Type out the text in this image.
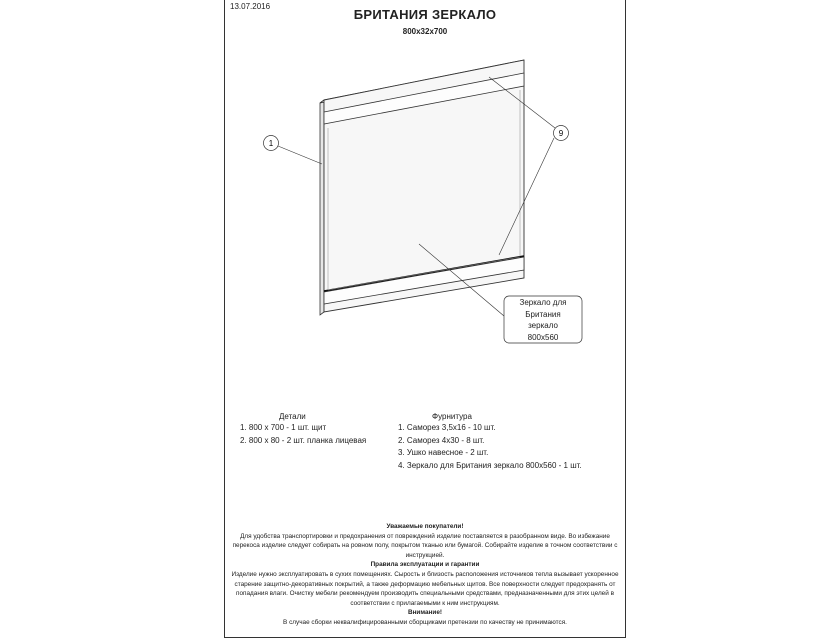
13.07.2016
БРИТАНИЯ ЗЕРКАЛО
800x32x700
1
9
Зеркало для
Британия
зеркало
800x560
Детали
1. 800 х 700 - 1 шт. щит
2. 800 х 80 - 2 шт. планка лицевая
Фурнитура
1. Саморез 3,5х16 - 10 шт.
2. Саморез 4х30 - 8 шт.
3. Ушко навесное - 2 шт.
4. Зеркало для Британия зеркало 800х560 - 1 шт.
Уважаемые покупатели!
Для удобства транспортировки и предохранения от повреждений изделие поставляется в разобранном виде. Во избежание перекоса изделие следует собирать на ровном полу, покрытом тканью или бумагой. Собирайте изделие в точном соответствии с инструкцией.
Правила эксплуатации и гарантии
Изделие нужно эксплуатировать в сухих помещениях. Сырость и близость расположения источников тепла вызывает ускоренное старение защитно-декоративных покрытий, а также деформацию мебельных щитов. Все поверхности следует предохранять от попадания влаги. Очистку мебели рекомендуем производить специальными средствами, предназначенными для этих целей в соответствии с прилагаемыми к ним инструкциям.
Внимание!
В случае сборки неквалифицированными сборщиками претензии по качеству не принимаются.
